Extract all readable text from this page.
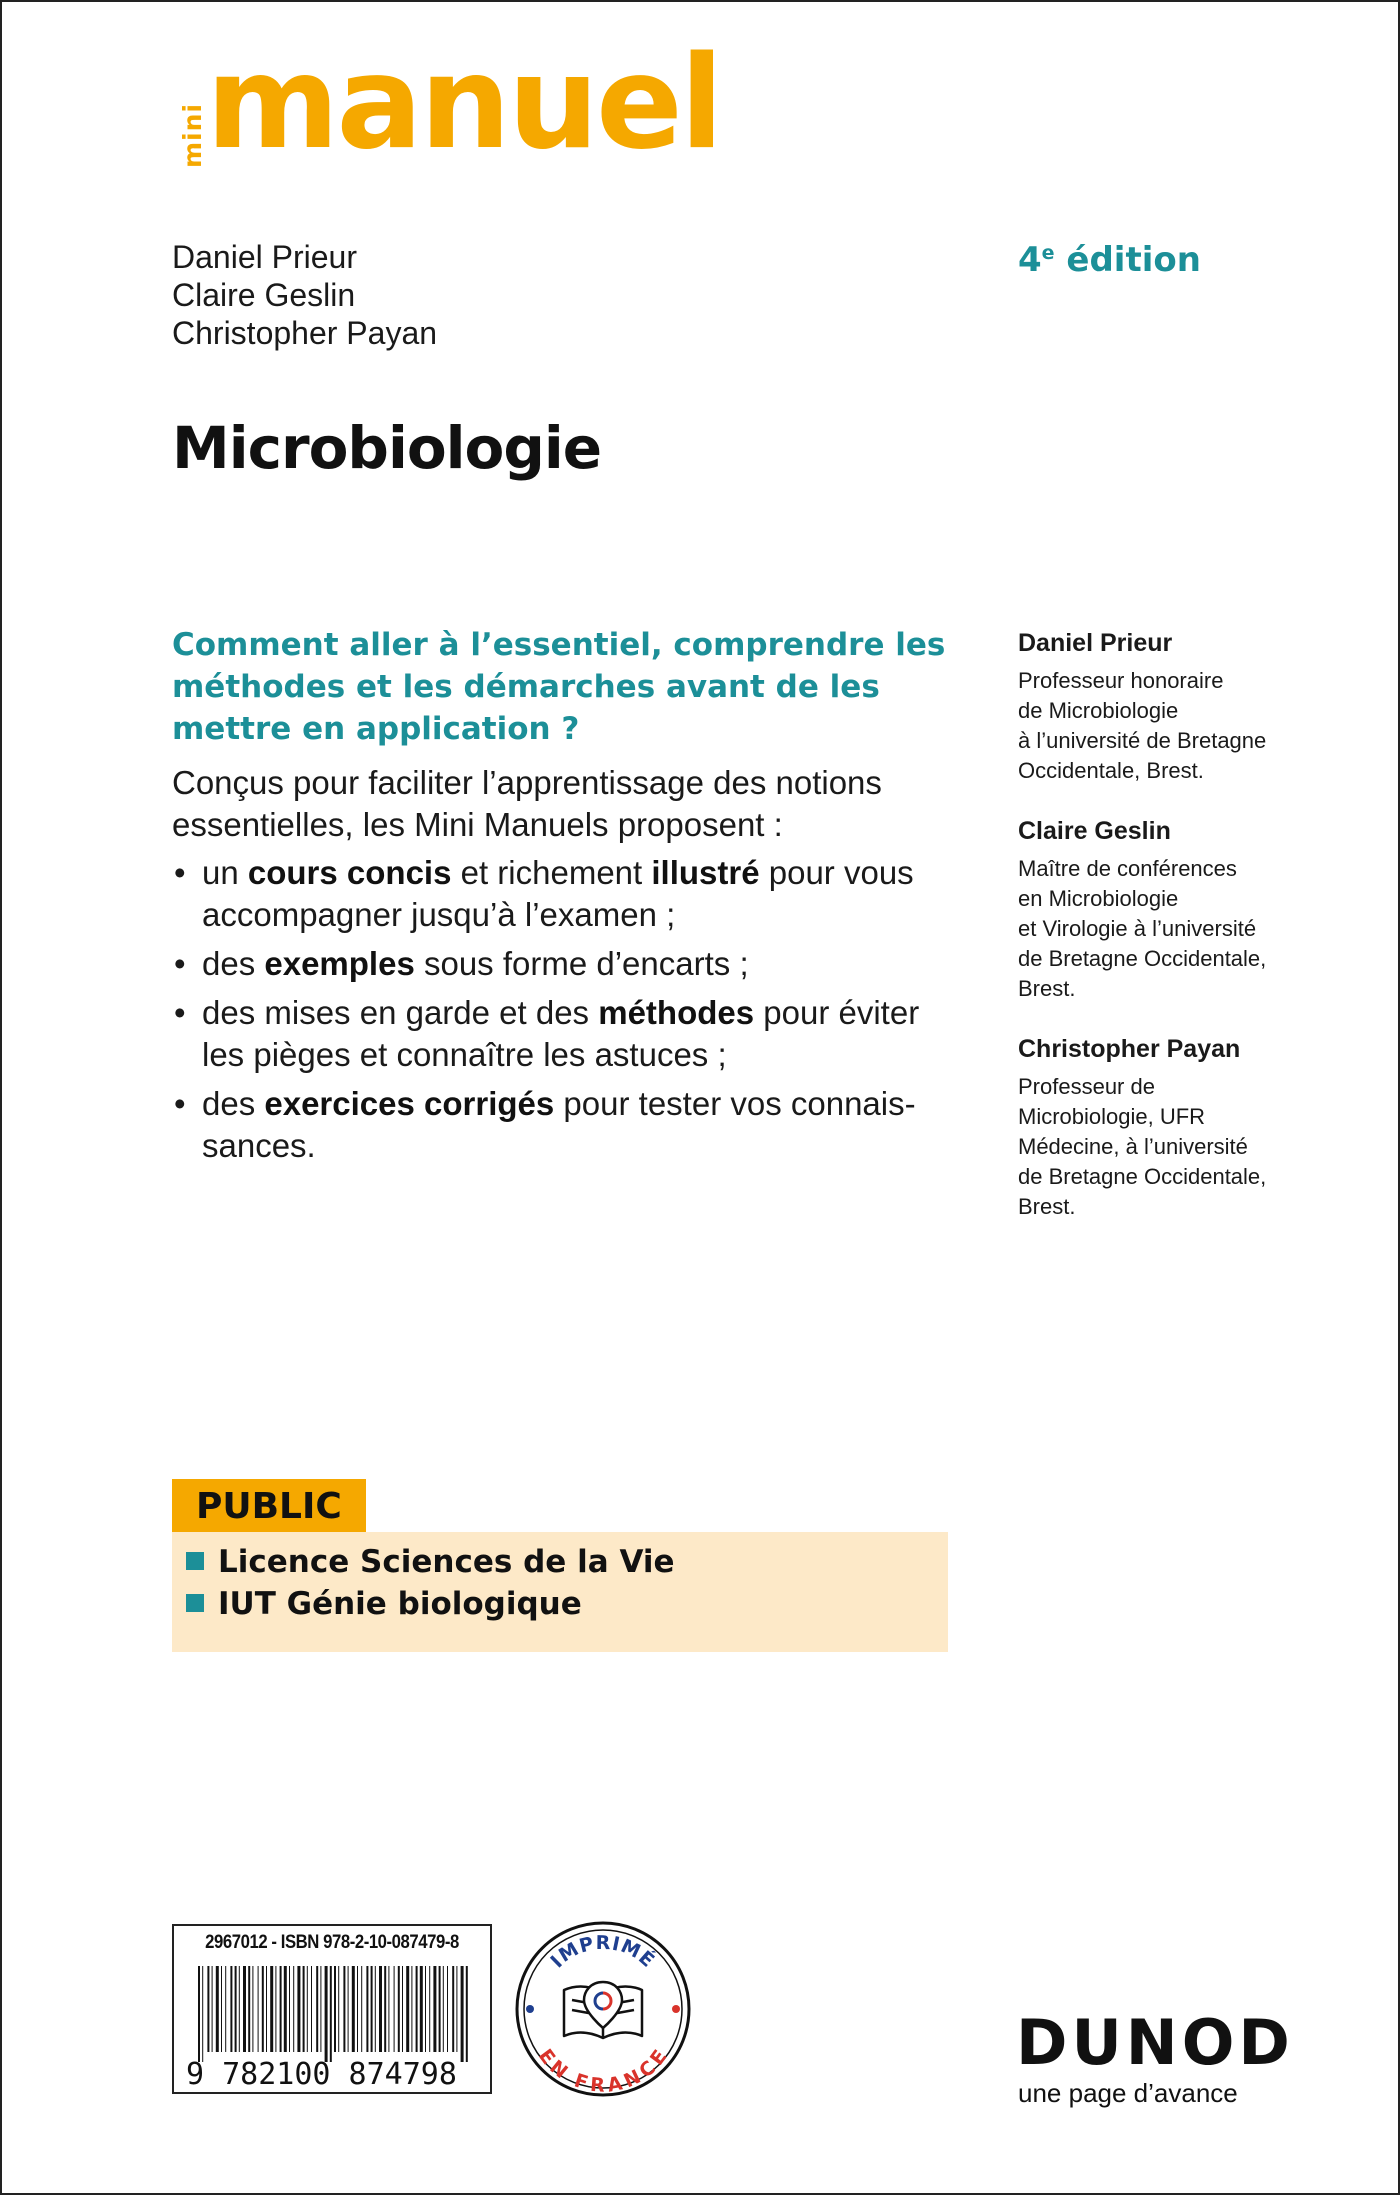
mini manuel
Daniel Prieur
Claire Geslin
Christopher Payan
4e édition
Microbiologie

Comment aller à l’essentiel, comprendre les méthodes et les démarches avant de les mettre en application ?

Conçus pour faciliter l’apprentissage des notions essentielles, les Mini Manuels proposent :

• un cours concis et richement illustré pour vous accompagner jusqu’à l’examen ;
• des exemples sous forme d’encarts ;
• des mises en garde et des méthodes pour éviter les pièges et connaître les astuces ;
• des exercices corrigés pour tester vos connaissances.
Daniel Prieur
Professeur honoraire
de Microbiologie
à l’université de Bretagne
Occidentale, Brest.
Claire Geslin
Maître de conférences
en Microbiologie
et Virologie à l’université
de Bretagne Occidentale,
Brest.
Christopher Payan
Professeur de
Microbiologie, UFR
Médecine, à l’université
de Bretagne Occidentale,
Brest.
PUBLIC
Licence Sciences de la Vie
IUT Génie biologique
2967012 - ISBN 978-2-10-087479-8
9 782100 874798
IMPRIMÉ
EN FRANCE	DUNOD
une page d’avance
